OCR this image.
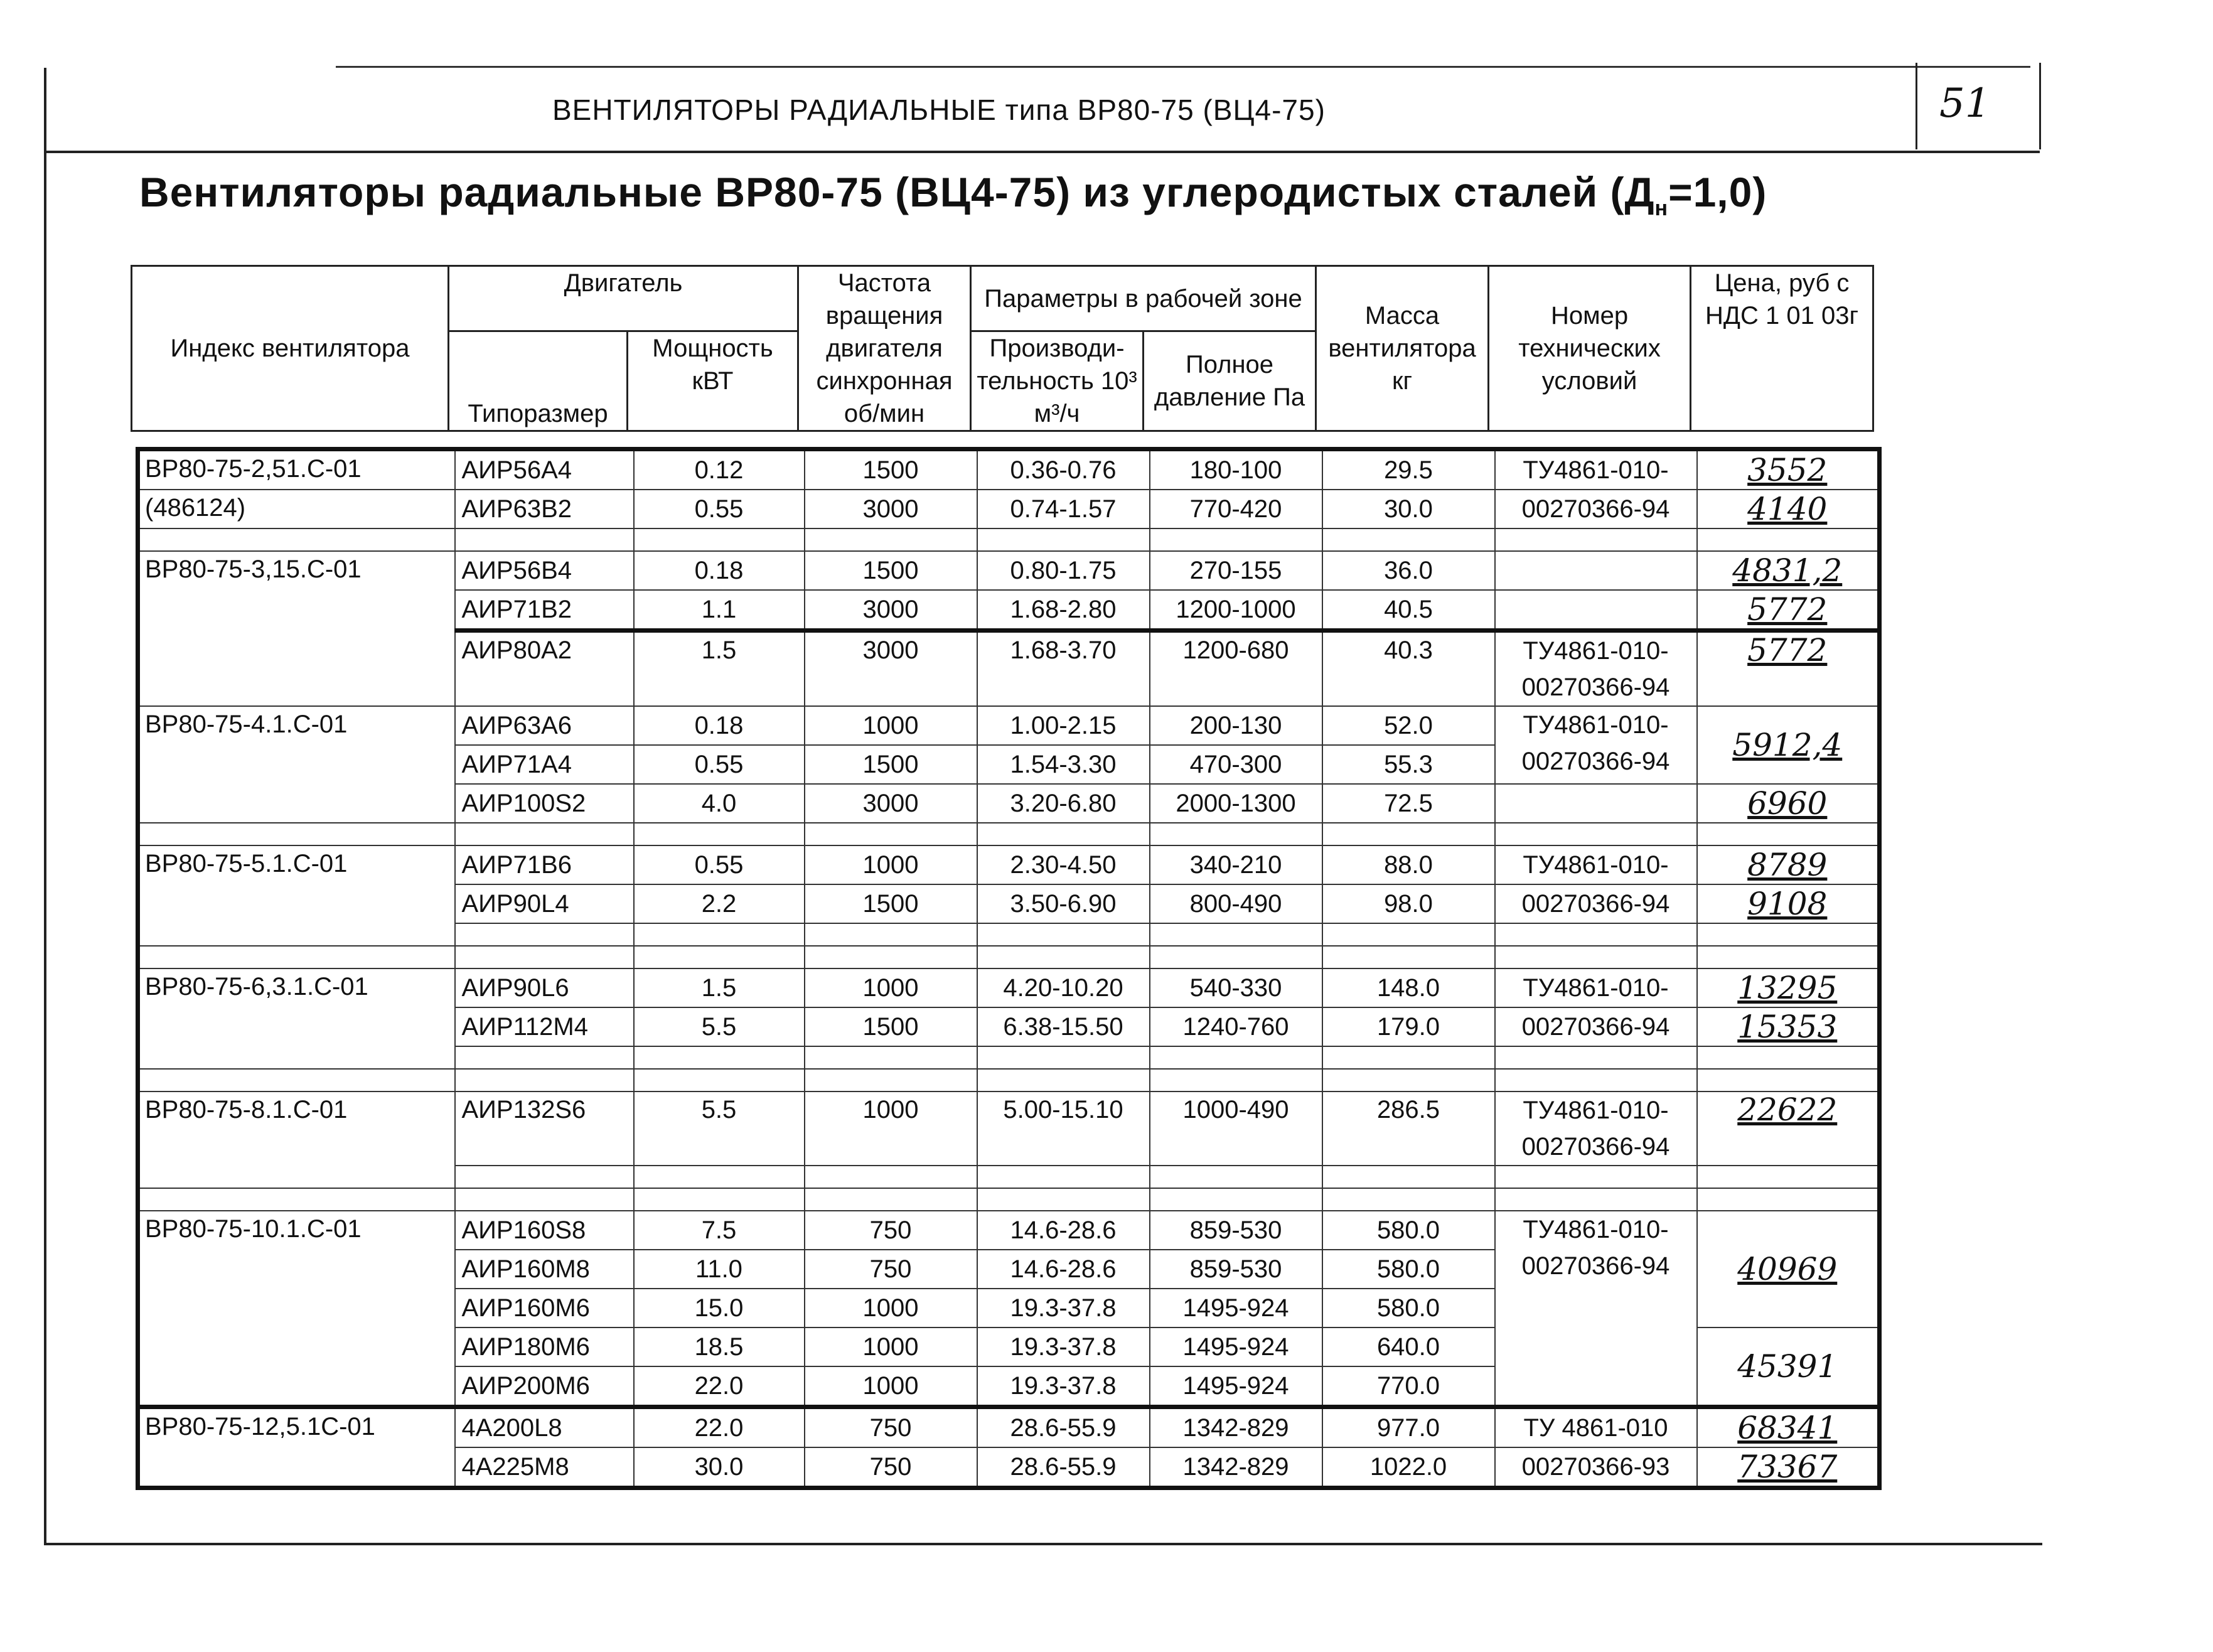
ВЕНТИЛЯТОРЫ РАДИАЛЬНЫЕ типа ВР80-75 (ВЦ4-75)	51
Вентиляторы радиальные ВР80-75 (ВЦ4-75) из углеродистых сталей $(Д_н=1,0)$
Индекс вентилятора	Двигатель		Частота вращения двигателя синхронная об/мин	Параметры в рабочей зоне		Масса вентилятора кг	Номер технических условий	Цена, руб с НДС 1 01 03г
	Типоразмер	Мощность кВТ		Производи-тельность 10³ м³/ч	Полное давление Па			
ВР80-75-2,51.С-01	АИР56А4	0.12	1500	0.36-0.76	180-100	29.5	ТУ4861-010-	3552
(486124)	АИР63В2	0.55	3000	0.74-1.57	770-420	30.0	00270366-94	4140

ВР80-75-3,15.С-01	АИР56В4	0.18	1500	0.80-1.75	270-155	36.0		4831,2
	АИР71В2	1.1	3000	1.68-2.80	1200-1000	40.5		5772
	АИР80А2	1.5	3000	1.68-3.70	1200-680	40.3	ТУ4861-010- 00270366-94	5772
ВР80-75-4.1.С-01	АИР63А6	0.18	1000	1.00-2.15	200-130	52.0	ТУ4861-010- 00270366-94	5912,4
	АИР71А4	0.55	1500	1.54-3.30	470-300	55.3		
	АИР100S2	4.0	3000	3.20-6.80	2000-1300	72.5		6960

ВР80-75-5.1.С-01	АИР71В6	0.55	1000	2.30-4.50	340-210	88.0	ТУ4861-010-	8789
	АИР90L4	2.2	1500	3.50-6.90	800-490	98.0	00270366-94	9108

ВР80-75-6,3.1.С-01	АИР90L6	1.5	1000	4.20-10.20	540-330	148.0	ТУ4861-010-	13295
	АИР112М4	5.5	1500	6.38-15.50	1240-760	179.0	00270366-94	15353

ВР80-75-8.1.С-01	АИР132S6	5.5	1000	5.00-15.10	1000-490	286.5	ТУ4861-010- 00270366-94	22622

ВР80-75-10.1.С-01	АИР160S8	7.5	750	14.6-28.6	859-530	580.0	ТУ4861-010- 00270366-94	40969
	АИР160М8	11.0	750	14.6-28.6	859-530	580.0		
	АИР160М6	15.0	1000	19.3-37.8	1495-924	580.0		
	АИР180М6	18.5	1000	19.3-37.8	1495-924	640.0		45391
	АИР200М6	22.0	1000	19.3-37.8	1495-924	770.0		
ВР80-75-12,5.1С-01	4А200L8	22.0	750	28.6-55.9	1342-829	977.0	ТУ 4861-010	68341
	4А225М8	30.0	750	28.6-55.9	1342-829	1022.0	00270366-93	73367
